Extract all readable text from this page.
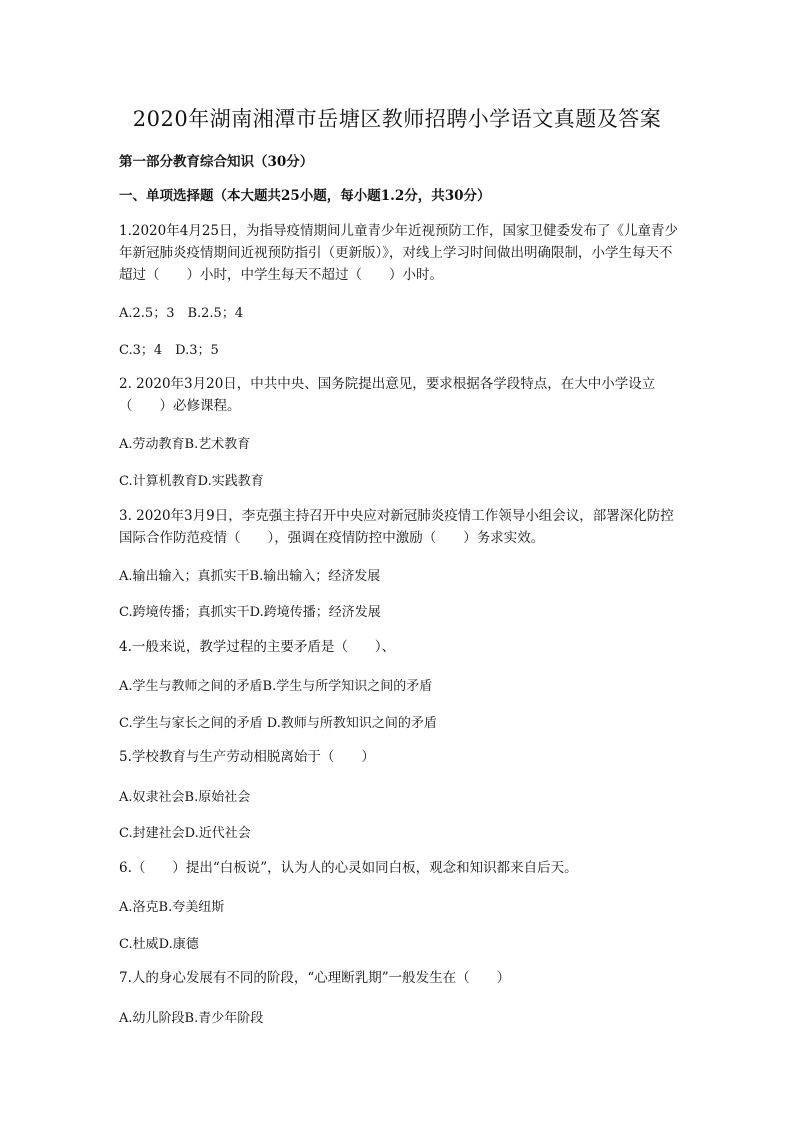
2020年湖南湘潭市岳塘区教师招聘小学语文真题及答案
第一部分教育综合知识（30分）
一、单项选择题（本大题共25小题，每小题1.2分，共30分）
1.2020年4月25日，为指导疫情期间儿童青少年近视预防工作，国家卫健委发布了《儿童青少年新冠肺炎疫情期间近视预防指引（更新版）》，对线上学习时间做出明确限制，小学生每天不超过（　　）小时，中学生每天不超过（　　）小时。
A.2.5；3　B.2.5；4
C.3；4　D.3；5
2. 2020年3月20日，中共中央、国务院提出意见，要求根据各学段特点，在大中小学设立（　　）必修课程。
A.劳动教育B.艺术教育
C.计算机教育D.实践教育
3. 2020年3月9日，李克强主持召开中央应对新冠肺炎疫情工作领导小组会议，部署深化防控国际合作防范疫情（　　），强调在疫情防控中激励（　　）务求实效。
A.输出输入；真抓实干B.输出输入；经济发展
C.跨境传播；真抓实干D.跨境传播；经济发展
4.一般来说，教学过程的主要矛盾是（　　）、
A.学生与教师之间的矛盾B.学生与所学知识之间的矛盾
C.学生与家长之间的矛盾 D.教师与所教知识之间的矛盾
5.学校教育与生产劳动相脱离始于（　　）
A.奴隶社会B.原始社会
C.封建社会D.近代社会
6.（　　）提出“白板说”，认为人的心灵如同白板，观念和知识都来自后天。
A.洛克B.夸美纽斯
C.杜威D.康德
7.人的身心发展有不同的阶段，“心理断乳期”一般发生在（　　）
A.幼儿阶段B.青少年阶段
